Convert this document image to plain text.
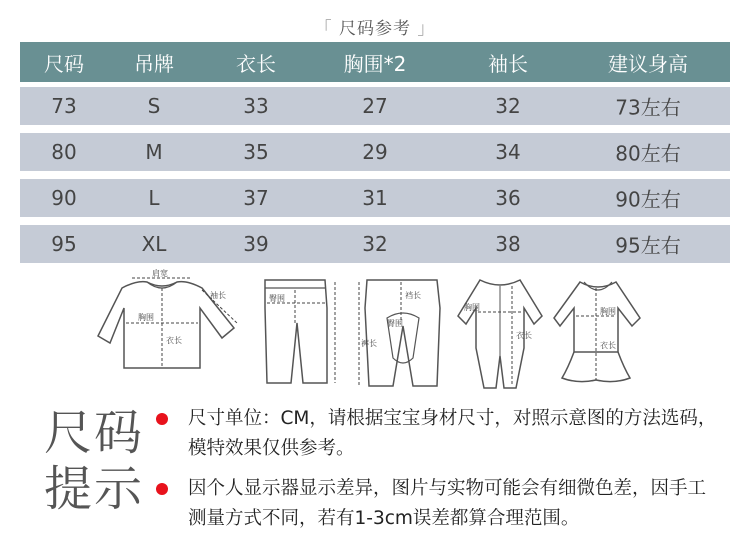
「 尺码参考 」
尺码	吊牌	衣长	胸围*2	袖长	建议身高
73	S	33	27	32	73左右
80	M	35	29	34	80左右
90	L	37	31	36	90左右
95	XL	39	32	38	95左右
肩宽
袖长
胸围
衣长
臀围	裆长
臀围
裤长
胸围
衣长
胸围
衣长
尺码
提示
尺寸单位：CM，请根据宝宝身材尺寸，对照示意图的方法选码，模特效果仅供参考。
因个人显示器显示差异，图片与实物可能会有细微色差，因手工测量方式不同，若有1-3cm误差都算合理范围。
